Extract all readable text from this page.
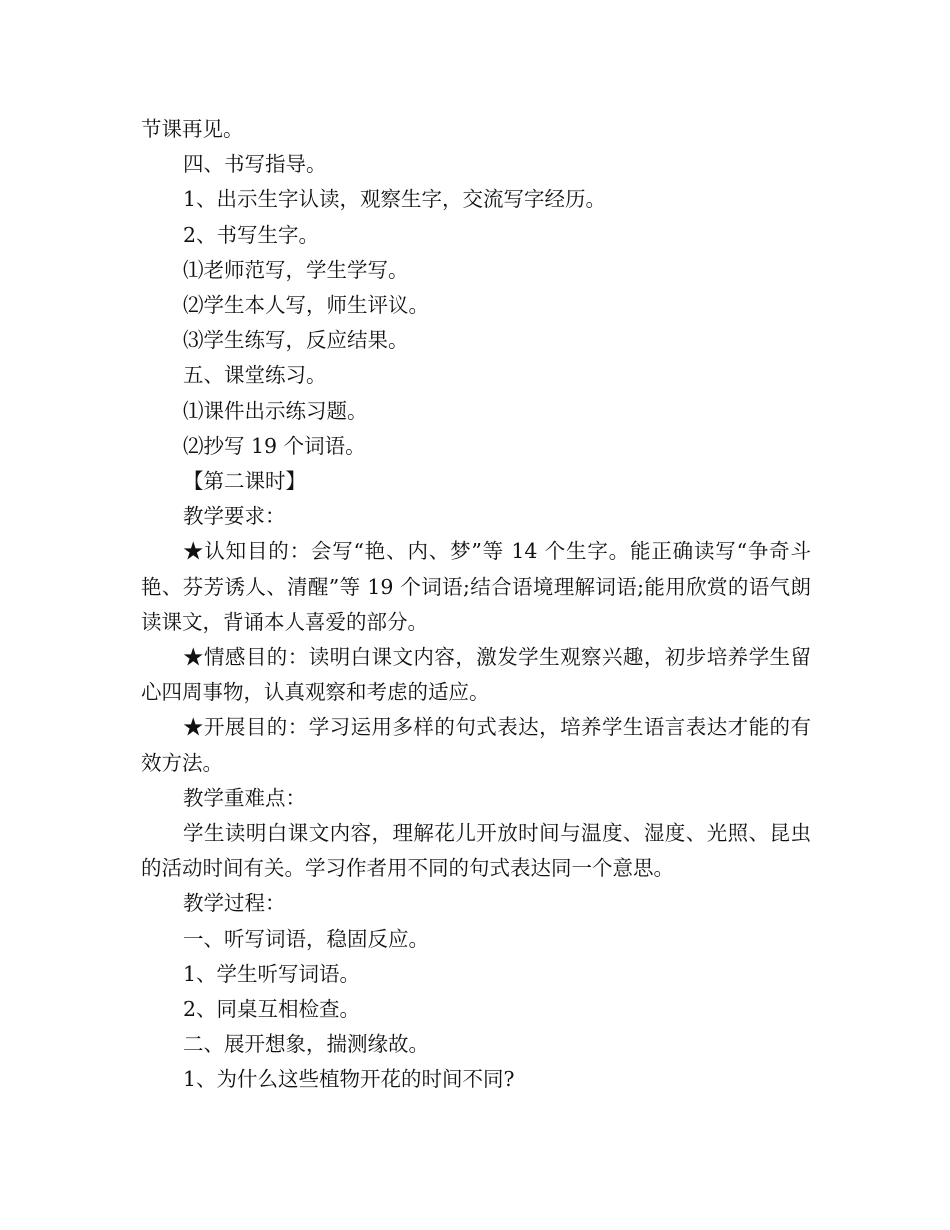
节课再见。

四、书写指导。

1、出示生字认读，观察生字，交流写字经历。

2、书写生字。

⑴老师范写，学生学写。

⑵学生本人写，师生评议。

⑶学生练写，反应结果。

五、课堂练习。

⑴课件出示练习题。

⑵抄写 19 个词语。

【第二课时】

教学要求：

★认知目的：会写“艳、内、梦”等 14 个生字。能正确读写“争奇斗艳、芬芳诱人、清醒”等 19 个词语;结合语境理解词语;能用欣赏的语气朗读课文，背诵本人喜爱的部分。

★情感目的：读明白课文内容，激发学生观察兴趣，初步培养学生留心四周事物，认真观察和考虑的适应。

★开展目的：学习运用多样的句式表达，培养学生语言表达才能的有效方法。

教学重难点：

学生读明白课文内容，理解花儿开放时间与温度、湿度、光照、昆虫的活动时间有关。学习作者用不同的句式表达同一个意思。

教学过程：

一、听写词语，稳固反应。

1、学生听写词语。

2、同桌互相检查。

二、展开想象，揣测缘故。

1、为什么这些植物开花的时间不同?
